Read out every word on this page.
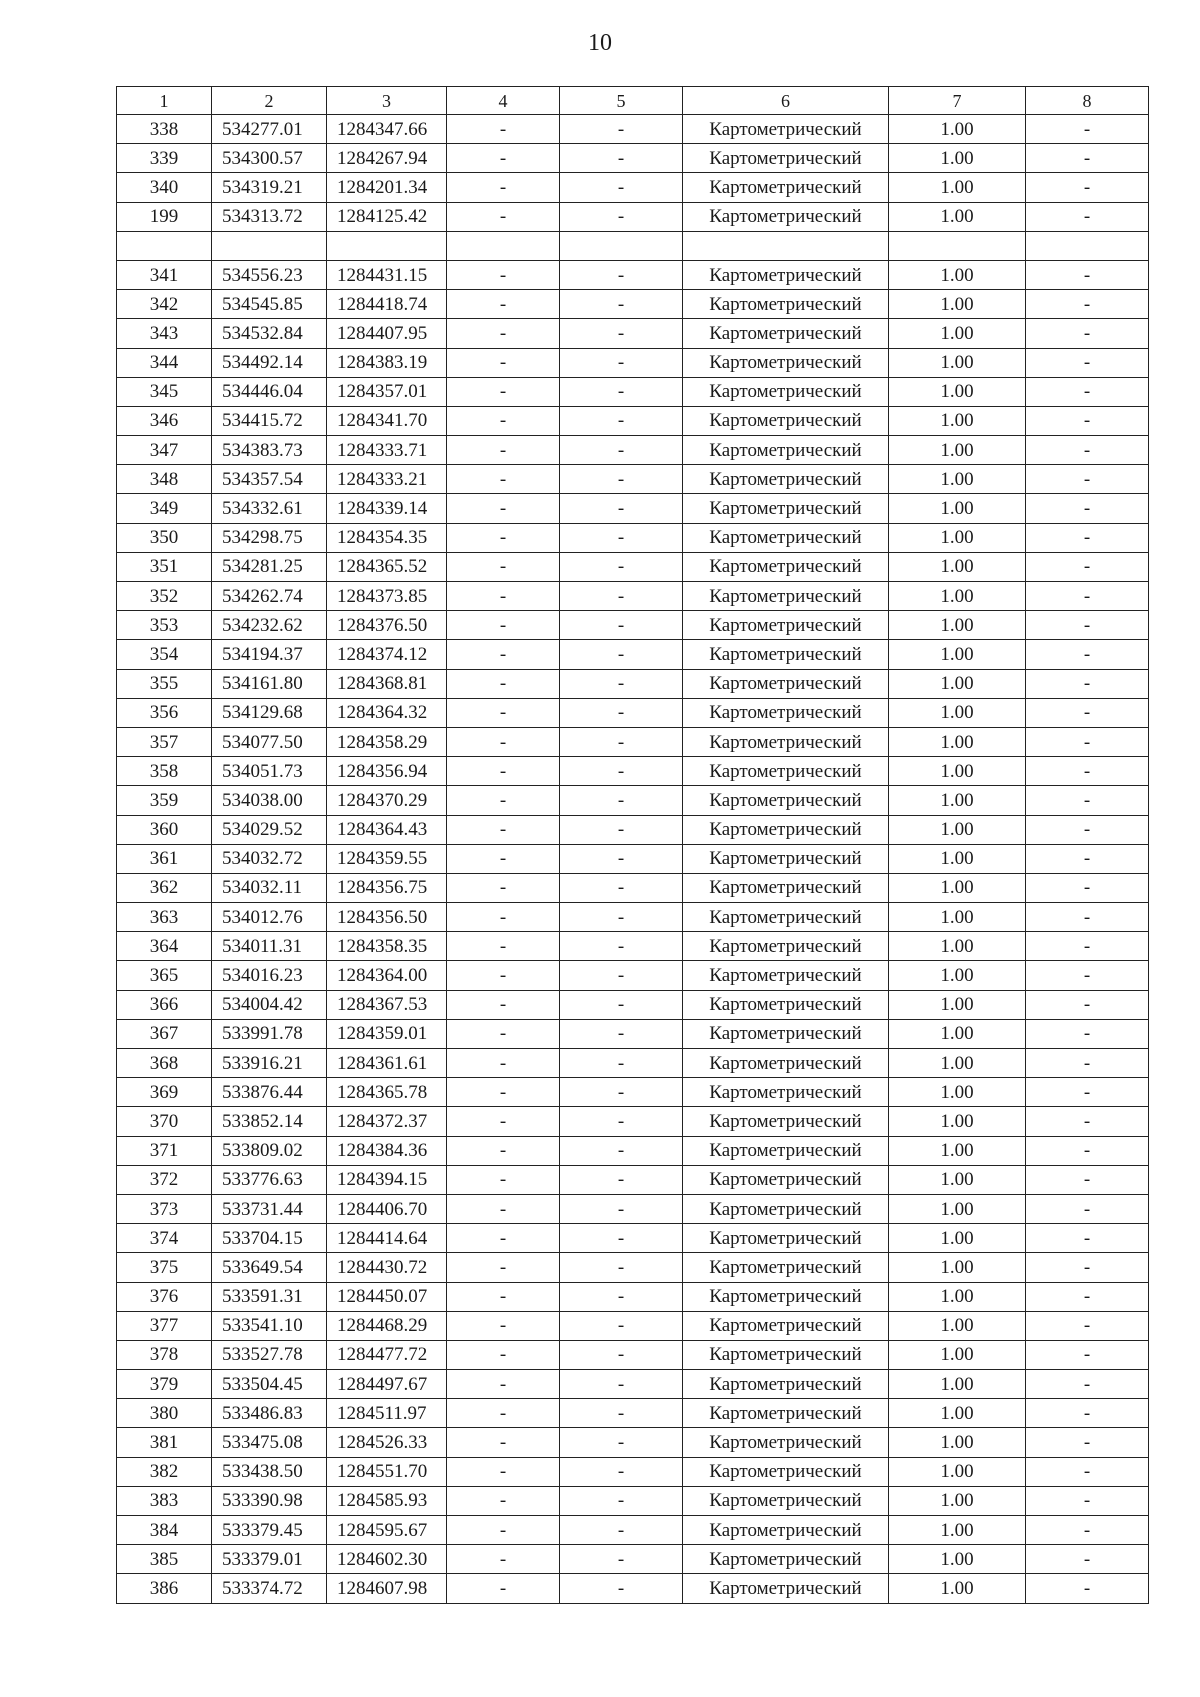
10
1	2	3	4	5	6	7	8
338	534277.01	1284347.66	-	-	Картометрический	1.00	-
339	534300.57	1284267.94	-	-	Картометрический	1.00	-
340	534319.21	1284201.34	-	-	Картометрический	1.00	-
199	534313.72	1284125.42	-	-	Картометрический	1.00	-

341	534556.23	1284431.15	-	-	Картометрический	1.00	-
342	534545.85	1284418.74	-	-	Картометрический	1.00	-
343	534532.84	1284407.95	-	-	Картометрический	1.00	-
344	534492.14	1284383.19	-	-	Картометрический	1.00	-
345	534446.04	1284357.01	-	-	Картометрический	1.00	-
346	534415.72	1284341.70	-	-	Картометрический	1.00	-
347	534383.73	1284333.71	-	-	Картометрический	1.00	-
348	534357.54	1284333.21	-	-	Картометрический	1.00	-
349	534332.61	1284339.14	-	-	Картометрический	1.00	-
350	534298.75	1284354.35	-	-	Картометрический	1.00	-
351	534281.25	1284365.52	-	-	Картометрический	1.00	-
352	534262.74	1284373.85	-	-	Картометрический	1.00	-
353	534232.62	1284376.50	-	-	Картометрический	1.00	-
354	534194.37	1284374.12	-	-	Картометрический	1.00	-
355	534161.80	1284368.81	-	-	Картометрический	1.00	-
356	534129.68	1284364.32	-	-	Картометрический	1.00	-
357	534077.50	1284358.29	-	-	Картометрический	1.00	-
358	534051.73	1284356.94	-	-	Картометрический	1.00	-
359	534038.00	1284370.29	-	-	Картометрический	1.00	-
360	534029.52	1284364.43	-	-	Картометрический	1.00	-
361	534032.72	1284359.55	-	-	Картометрический	1.00	-
362	534032.11	1284356.75	-	-	Картометрический	1.00	-
363	534012.76	1284356.50	-	-	Картометрический	1.00	-
364	534011.31	1284358.35	-	-	Картометрический	1.00	-
365	534016.23	1284364.00	-	-	Картометрический	1.00	-
366	534004.42	1284367.53	-	-	Картометрический	1.00	-
367	533991.78	1284359.01	-	-	Картометрический	1.00	-
368	533916.21	1284361.61	-	-	Картометрический	1.00	-
369	533876.44	1284365.78	-	-	Картометрический	1.00	-
370	533852.14	1284372.37	-	-	Картометрический	1.00	-
371	533809.02	1284384.36	-	-	Картометрический	1.00	-
372	533776.63	1284394.15	-	-	Картометрический	1.00	-
373	533731.44	1284406.70	-	-	Картометрический	1.00	-
374	533704.15	1284414.64	-	-	Картометрический	1.00	-
375	533649.54	1284430.72	-	-	Картометрический	1.00	-
376	533591.31	1284450.07	-	-	Картометрический	1.00	-
377	533541.10	1284468.29	-	-	Картометрический	1.00	-
378	533527.78	1284477.72	-	-	Картометрический	1.00	-
379	533504.45	1284497.67	-	-	Картометрический	1.00	-
380	533486.83	1284511.97	-	-	Картометрический	1.00	-
381	533475.08	1284526.33	-	-	Картометрический	1.00	-
382	533438.50	1284551.70	-	-	Картометрический	1.00	-
383	533390.98	1284585.93	-	-	Картометрический	1.00	-
384	533379.45	1284595.67	-	-	Картометрический	1.00	-
385	533379.01	1284602.30	-	-	Картометрический	1.00	-
386	533374.72	1284607.98	-	-	Картометрический	1.00	-
